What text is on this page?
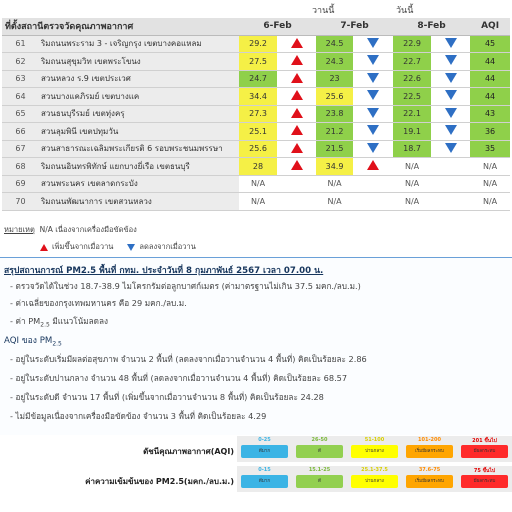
วานนี้	วันนี้
ที่ตั้งสถานีตรวจวัดคุณภาพอากาศ		6-Feb		7-Feb		8-Feb		AQI
61	ริมถนนพระราม 3 - เจริญกรุง เขตบางคอแหลม	29.2		24.5		22.9		45
62	ริมถนนสุขุมวิท เขตพระโขนง	27.5		24.3		22.7		44
63	สวนหลวง ร.9 เขตประเวศ	24.7		23		22.6		44
64	สวนบางแคภิรมย์ เขตบางแค	34.4		25.6		22.5		44
65	สวนธนบุรีรมย์ เขตทุ่งครุ	27.3		23.8		22.1		43
66	สวนลุมพินี เขตปทุมวัน	25.1		21.2		19.1		36
67	สวนสาธารณะเฉลิมพระเกียรติ 6 รอบพระชนมพรรษา	25.6		21.5		18.7		35
68	ริมถนนอินทรพิทักษ์ แยกบางยี่เรือ เขตธนบุรี	28		34.9		N/A		N/A
69	สวนพระนคร เขตลาดกระบัง	N/A		N/A		N/A		N/A
70	ริมถนนพัฒนาการ เขตสวนหลวง	N/A		N/A		N/A		N/A
หมายเหตุ N/A เนื่องจากเครื่องมือขัดข้อง
เพิ่มขึ้นจากเมื่อวาน	ลดลงจากเมื่อวาน
สรุปสถานการณ์ PM2.5 พื้นที่ กทม. ประจำวันที่ 8 กุมภาพันธ์ 2567 เวลา 07.00 น.
- ตรวจวัดได้ในช่วง 18.7-38.9 ไมโครกรัมต่อลูกบาศก์เมตร (ค่ามาตรฐานไม่เกิน 37.5 มคก./ลบ.ม.)
- ค่าเฉลี่ยของกรุงเทพมหานคร คือ 29 มคก./ลบ.ม.
- ค่า $PM_{2.5}$ มีแนวโน้มลดลง
AQI ของ $PM_{2.5}$
- อยู่ในระดับเริ่มมีผลต่อสุขภาพ จำนวน 2 พื้นที่ (ลดลงจากเมื่อวานจำนวน 4 พื้นที่) คิดเป็นร้อยละ 2.86
- อยู่ในระดับปานกลาง จำนวน 48 พื้นที่ (ลดลงจากเมื่อวานจำนวน 4 พื้นที่) คิดเป็นร้อยละ 68.57
- อยู่ในระดับดี จำนวน 17 พื้นที่ (เพิ่มขึ้นจากเมื่อวานจำนวน 8 พื้นที่) คิดเป็นร้อยละ 24.28
- ไม่มีข้อมูลเนื่องจากเครื่องมือขัดข้อง จำนวน 3 พื้นที่ คิดเป็นร้อยละ 4.29
ดัชนีคุณภาพอากาศ(AQI)
0-25
ดีมาก
26-50
ดี
51-100
ปานกลาง
101-200
เริ่มมีผลกระทบ
201 ขึ้นไป
มีผลกระทบ
ค่าความเข้มข้นของ PM2.5(มคก./ลบ.ม.)
0-15
ดีมาก
15.1-25
ดี
25.1-37.5
ปานกลาง
37.6-75
เริ่มมีผลกระทบ
75 ขึ้นไป
มีผลกระทบ
